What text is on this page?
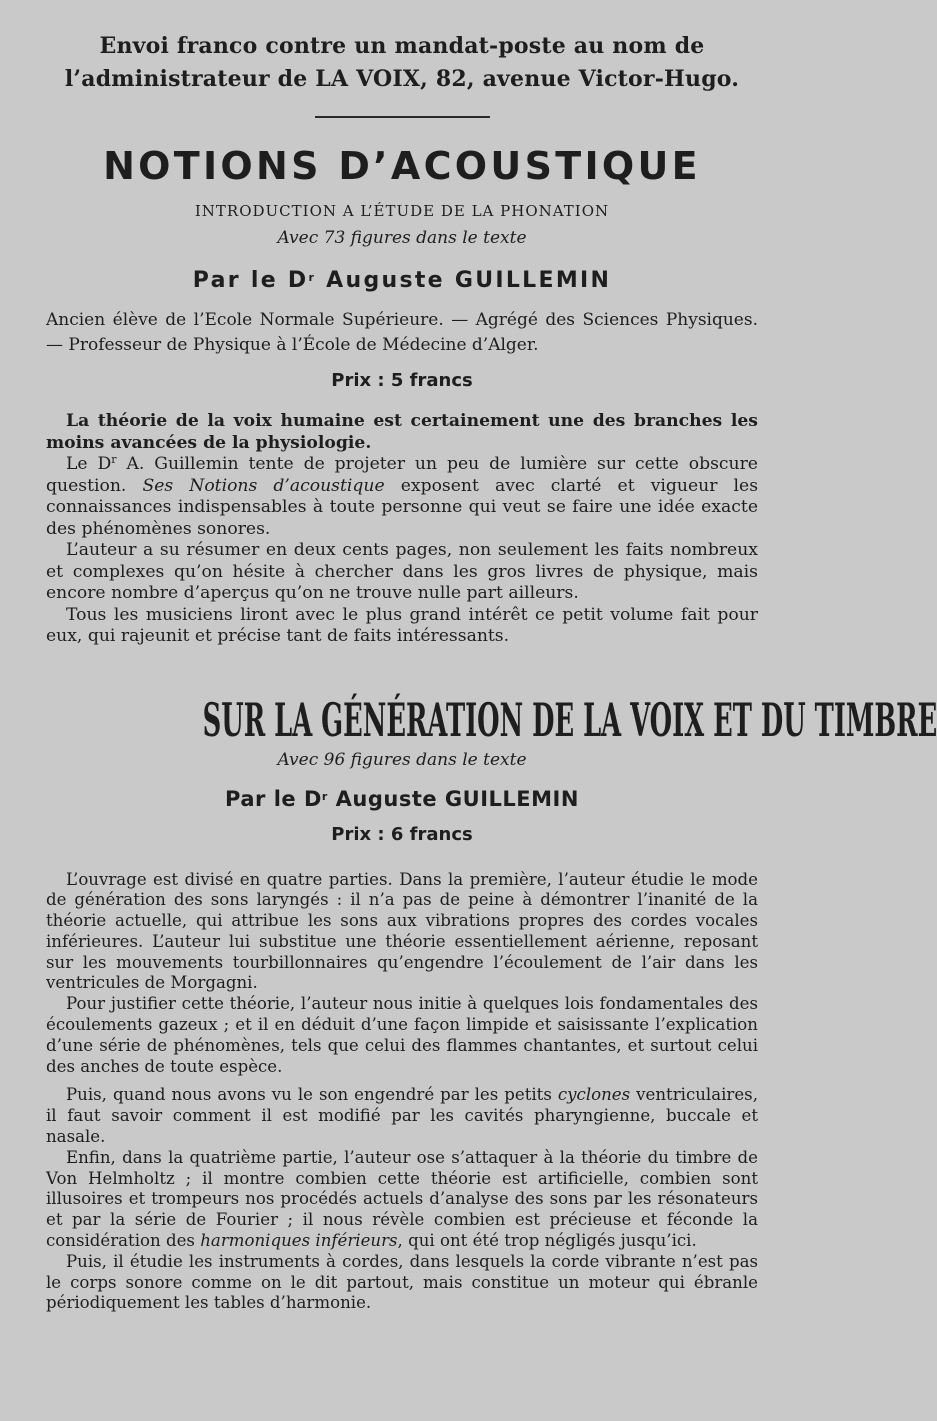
Envoi franco contre un mandat-poste au nom de
l’administrateur de LA VOIX, 82, avenue Victor-Hugo.

NOTIONS D’ACOUSTIQUE

INTRODUCTION A L’ÉTUDE DE LA PHONATION

Avec 73 figures dans le texte

Par le $D^r$ Auguste GUILLEMIN

Ancien élève de l’Ecole Normale Supérieure. — Agrégé des Sciences Physiques. — Professeur de Physique à l’École de Médecine d’Alger.

Prix : 5 francs

La théorie de la voix humaine est certainement une des branches les moins avancées de la physiologie.

Le $D^r$ A. Guillemin tente de projeter un peu de lumière sur cette obscure question. Ses Notions d’acoustique exposent avec clarté et vigueur les connaissances indispensables à toute personne qui veut se faire une idée exacte des phénomènes sonores.

L’auteur a su résumer en deux cents pages, non seulement les faits nombreux et complexes qu’on hésite à chercher dans les gros livres de physique, mais encore nombre d’aperçus qu’on ne trouve nulle part ailleurs.

Tous les musiciens liront avec le plus grand intérêt ce petit volume fait pour eux, qui rajeunit et précise tant de faits intéressants.

SUR LA GÉNÉRATION DE LA VOIX ET DU TIMBRE

Avec 96 figures dans le texte

Par le $D^r$ Auguste GUILLEMIN

Prix : 6 francs

L’ouvrage est divisé en quatre parties. Dans la première, l’auteur étudie le mode de génération des sons laryngés : il n’a pas de peine à démontrer l’inanité de la théorie actuelle, qui attribue les sons aux vibrations propres des cordes vocales inférieures. L’auteur lui substitue une théorie essentiellement aérienne, reposant sur les mouvements tourbillonnaires qu’engendre l’écoulement de l’air dans les ventricules de Morgagni.

Pour justifier cette théorie, l’auteur nous initie à quelques lois fondamentales des écoulements gazeux ; et il en déduit d’une façon limpide et saisissante l’explication d’une série de phénomènes, tels que celui des flammes chantantes, et surtout celui des anches de toute espèce.

Puis, quand nous avons vu le son engendré par les petits cyclones ventriculaires, il faut savoir comment il est modifié par les cavités pharyngienne, buccale et nasale.

Enfin, dans la quatrième partie, l’auteur ose s’attaquer à la théorie du timbre de Von Helmholtz ; il montre combien cette théorie est artificielle, combien sont illusoires et trompeurs nos procédés actuels d’analyse des sons par les résonateurs et par la série de Fourier ; il nous révèle combien est précieuse et féconde la considération des harmoniques inférieurs, qui ont été trop négligés jusqu’ici.

Puis, il étudie les instruments à cordes, dans lesquels la corde vibrante n’est pas le corps sonore comme on le dit partout, mais constitue un moteur qui ébranle périodiquement les tables d’harmonie.
